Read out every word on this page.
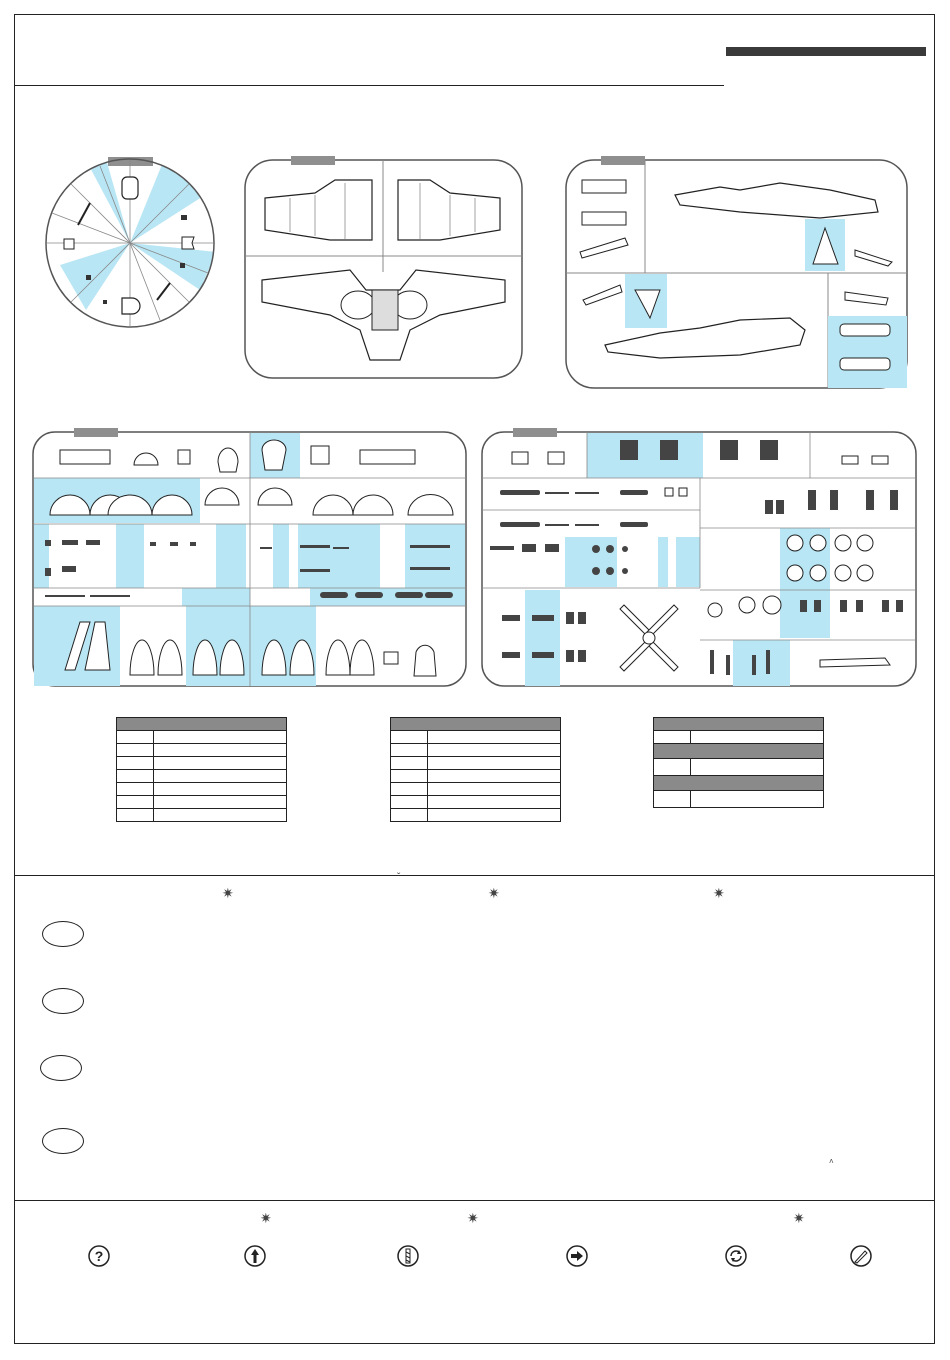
ˇ
✷	✷	✷
˄
✷	✷	✷
?
